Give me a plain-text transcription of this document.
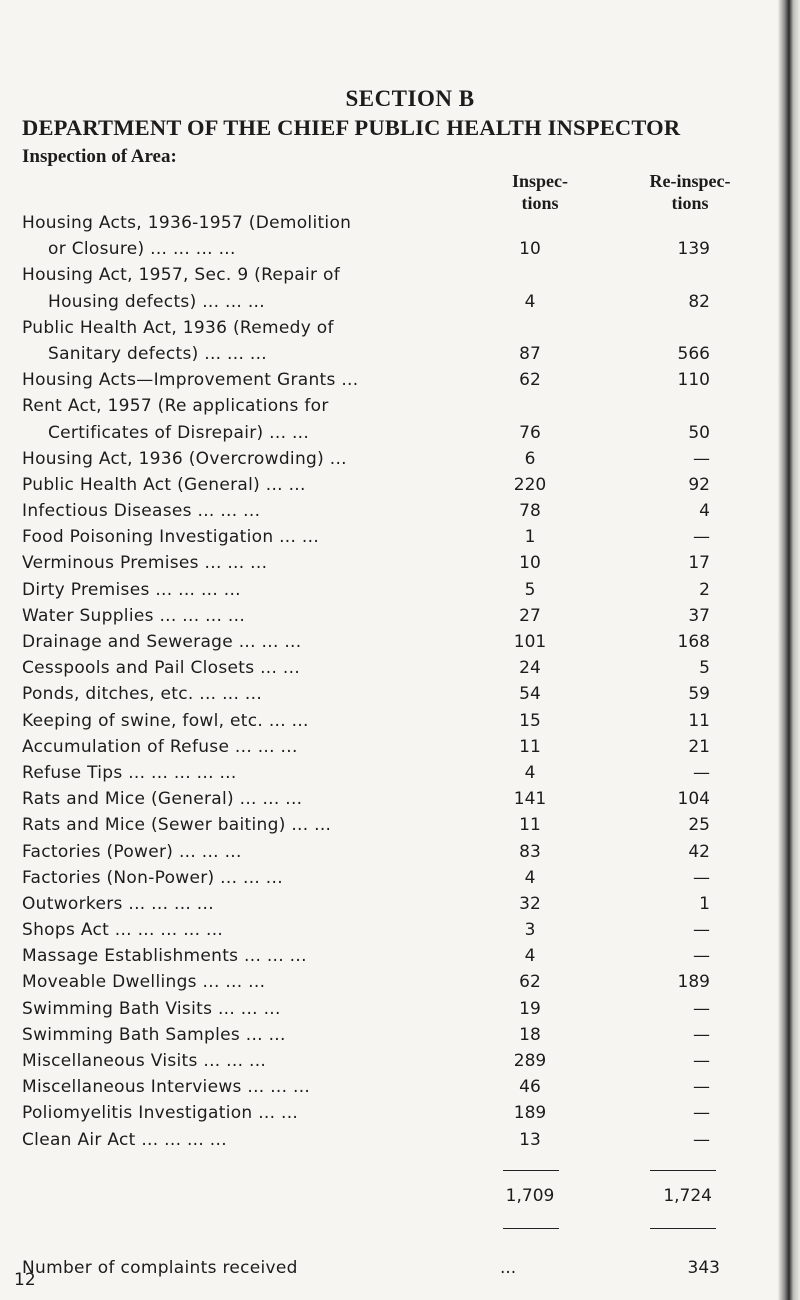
SECTION B
DEPARTMENT OF THE CHIEF PUBLIC HEALTH INSPECTOR
Inspection of Area:
Inspec-
tions
Re-inspec-
tions
Housing Acts, 1936-1957 (Demolition
or Closure) ... ... ... ...	10	139
Housing Act, 1957, Sec. 9 (Repair of
Housing defects) ... ... ...	4	82
Public Health Act, 1936 (Remedy of
Sanitary defects) ... ... ...	87	566
Housing Acts—Improvement Grants ...	62	110
Rent Act, 1957 (Re applications for
Certificates of Disrepair) ... ...	76	50
Housing Act, 1936 (Overcrowding) ...	6	—
Public Health Act (General) ... ...	220	92
Infectious Diseases ... ... ...	78	4
Food Poisoning Investigation ... ...	1	—
Verminous Premises ... ... ...	10	17
Dirty Premises ... ... ... ...	5	2
Water Supplies ... ... ... ...	27	37
Drainage and Sewerage ... ... ...	101	168
Cesspools and Pail Closets ... ...	24	5
Ponds, ditches, etc. ... ... ...	54	59
Keeping of swine, fowl, etc. ... ...	15	11
Accumulation of Refuse ... ... ...	11	21
Refuse Tips ... ... ... ... ...	4	—
Rats and Mice (General) ... ... ...	141	104
Rats and Mice (Sewer baiting) ... ...	11	25
Factories (Power) ... ... ...	83	42
Factories (Non-Power) ... ... ...	4	—
Outworkers ... ... ... ...	32	1
Shops Act ... ... ... ... ...	3	—
Massage Establishments ... ... ...	4	—
Moveable Dwellings ... ... ...	62	189
Swimming Bath Visits ... ... ...	19	—
Swimming Bath Samples ... ...	18	—
Miscellaneous Visits ... ... ...	289	—
Miscellaneous Interviews ... ... ...	46	—
Poliomyelitis Investigation ... ...	189	—
Clean Air Act ... ... ... ...	13	—
1,709	1,724
Number of complaints received	...	343
12
